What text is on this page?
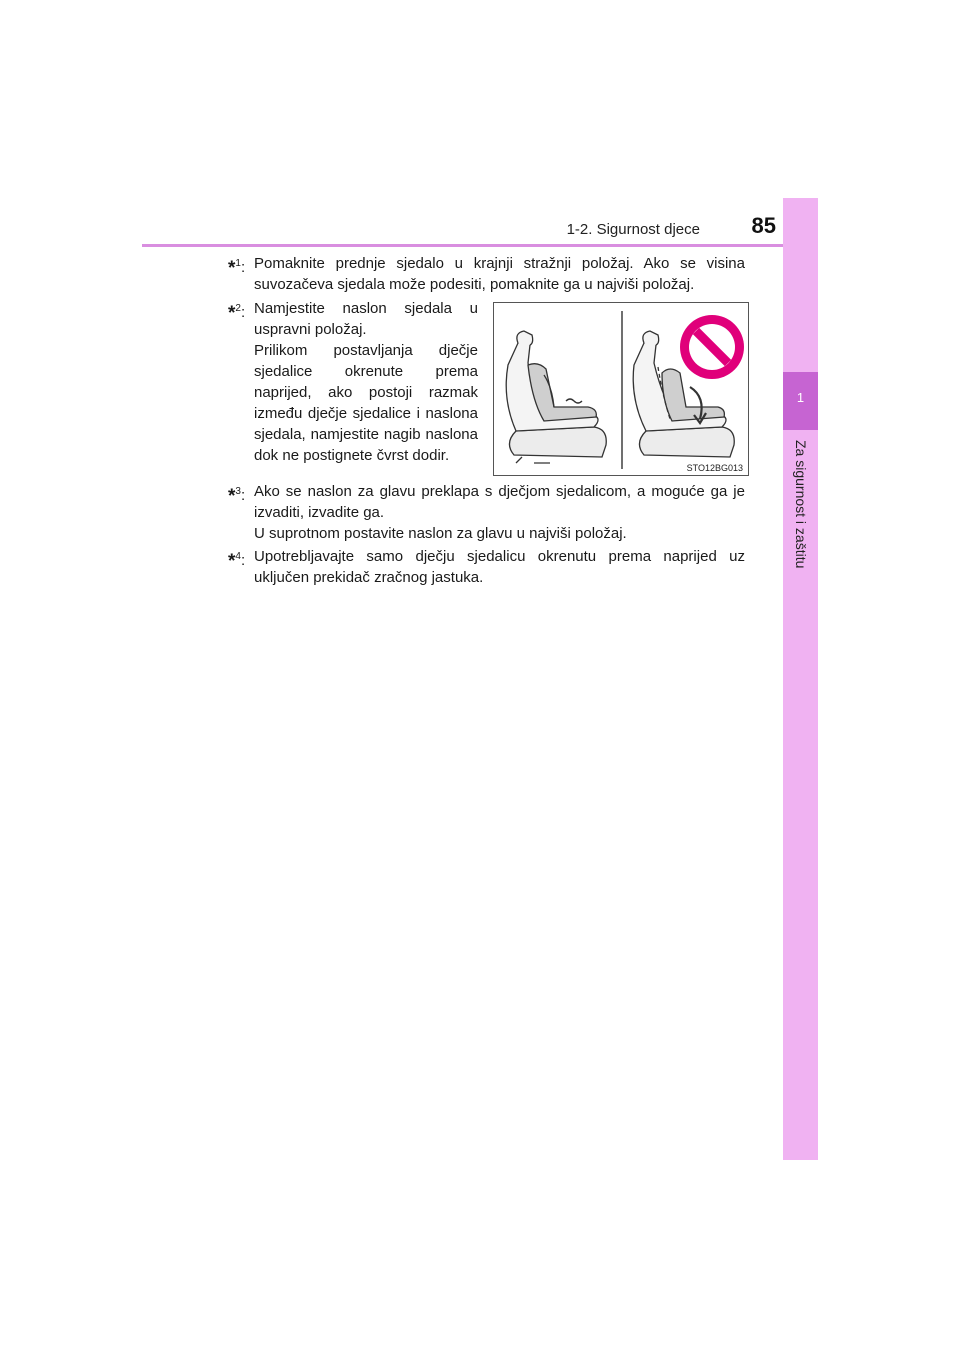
1-2. Sigurnost djece	85
1
Za sigurnost i zaštitu
*$^1$: Pomaknite prednje sjedalo u krajnji stražnji položaj. Ako se visina suvozačeva sjedala može podesiti, pomaknite ga u najviši položaj.

*$^2$: Namjestite naslon sjedala u uspravni položaj.

Prilikom postavljanja dječje sjedalice okrenute prema naprijed, ako postoji razmak između dječje sjedalice i naslona sjedala, namjestite nagib naslona dok ne postignete čvrst dodir.

STO12BG013
*$^3$: Ako se naslon za glavu preklapa s dječjom sjedalicom, a moguće ga je izvaditi, izvadite ga.

U suprotnom postavite naslon za glavu u najviši položaj.

*$^4$: Upotrebljavajte samo dječju sjedalicu okrenutu prema naprijed uz uključen prekidač zračnog jastuka.
